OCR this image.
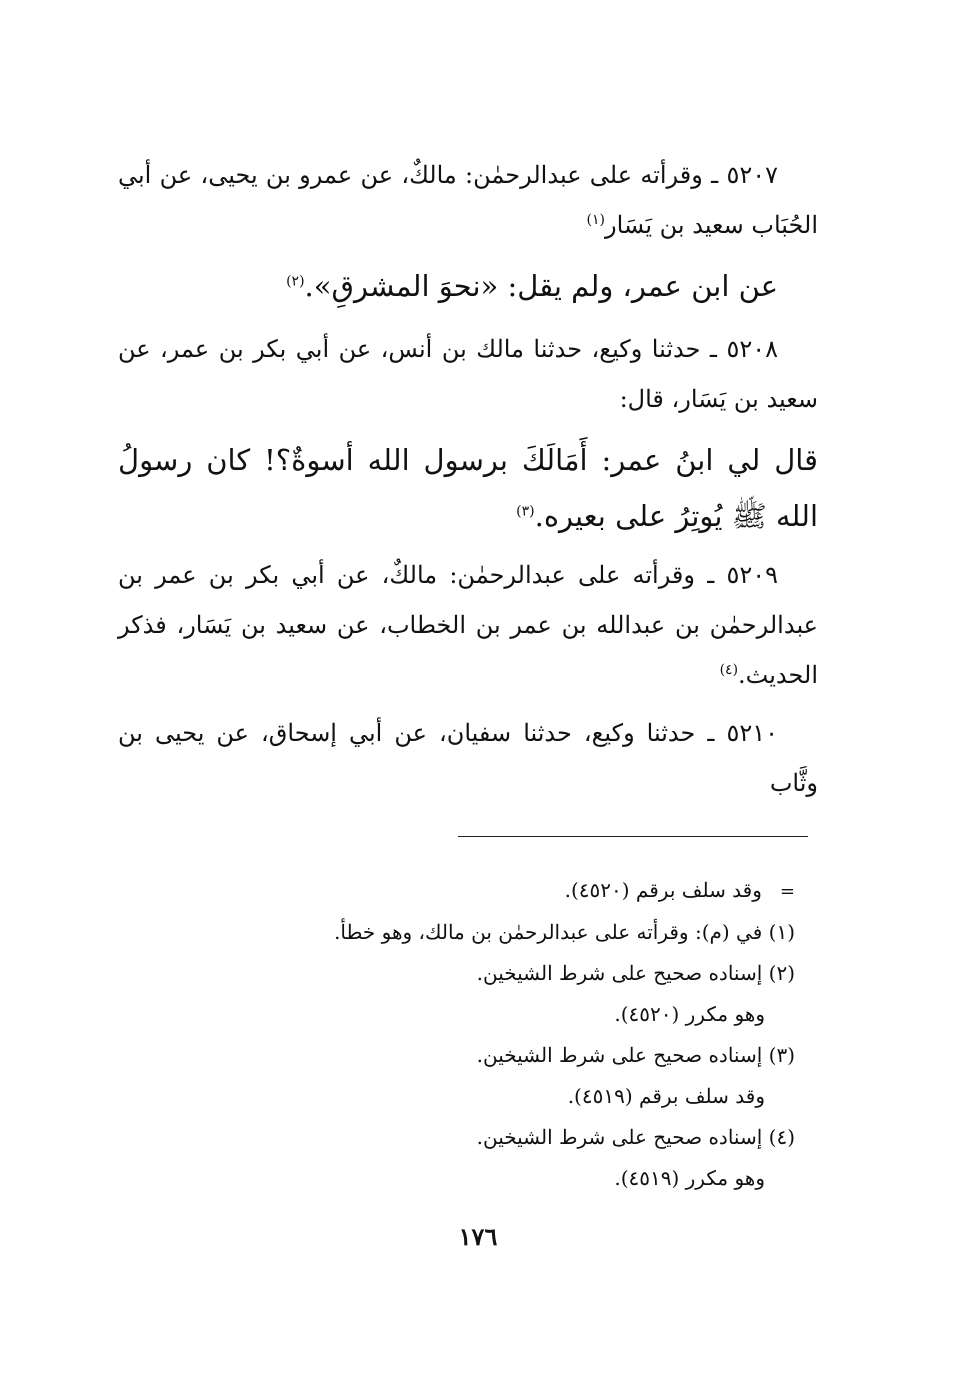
٥٢٠٧ ـ وقرأته على عبدالرحمٰن: مالكٌ، عن عمرو بن يحيى، عن أبي الحُبَاب سعيد بن يَسَار$^{(١)}$

عن ابن عمر، ولم يقل: «نحوَ المشرقِ».$^{(٢)}$

٥٢٠٨ ـ حدثنا وكيع، حدثنا مالك بن أنس، عن أبي بكر بن عمر، عن سعيد بن يَسَار، قال:

قال لي ابنُ عمر: أَمَالَكَ برسول الله أسوةٌ؟! كان رسولُ الله ﷺ يُوتِرُ على بعيره.$^{(٣)}$

٥٢٠٩ ـ وقرأته على عبدالرحمٰن: مالكٌ، عن أبي بكر بن عمر بن عبدالرحمٰن بن عبدالله بن عمر بن الخطاب، عن سعيد بن يَسَار، فذكر الحديث.$^{(٤)}$

٥٢١٠ ـ حدثنا وكيع، حدثنا سفيان، عن أبي إسحاق، عن يحيى بن وثَّاب

=وقد سلف برقم (٤٥٢٠).
(١) في (م): وقرأته على عبدالرحمٰن بن مالك، وهو خطأ.
(٢) إسناده صحيح على شرط الشيخين.
وهو مكرر (٤٥٢٠).
(٣) إسناده صحيح على شرط الشيخين.
وقد سلف برقم (٤٥١٩).
(٤) إسناده صحيح على شرط الشيخين.
وهو مكرر (٤٥١٩).
١٧٦
